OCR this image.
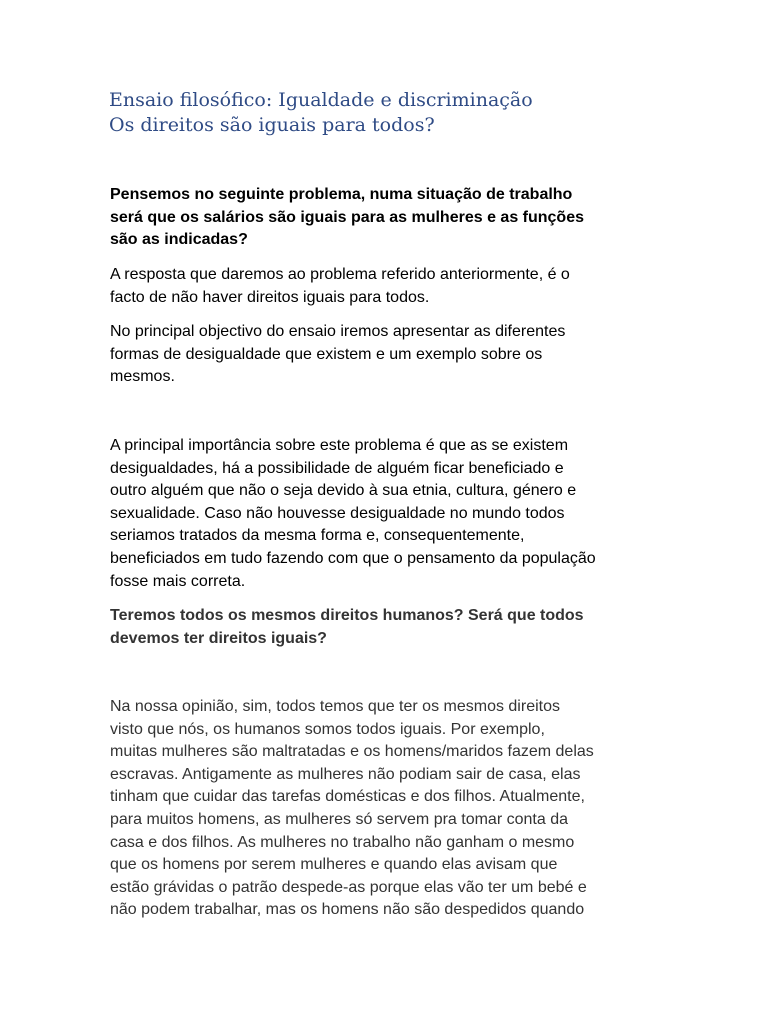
Ensaio filosófico: Igualdade e discriminação
Os direitos são iguais para todos?

Pensemos no seguinte problema, numa situação de trabalho
será que os salários são iguais para as mulheres e as funções
são as indicadas?

A resposta que daremos ao problema referido anteriormente, é o
facto de não haver direitos iguais para todos.

No principal objectivo do ensaio iremos apresentar as diferentes
formas de desigualdade que existem e um exemplo sobre os
mesmos.

A principal importância sobre este problema é que as se existem
desigualdades, há a possibilidade de alguém ficar beneficiado e
outro alguém que não o seja devido à sua etnia, cultura, género e
sexualidade. Caso não houvesse desigualdade no mundo todos
seriamos tratados da mesma forma e, consequentemente,
beneficiados em tudo fazendo com que o pensamento da população
fosse mais correta.

Teremos todos os mesmos direitos humanos? Será que todos
devemos ter direitos iguais?

Na nossa opinião, sim, todos temos que ter os mesmos direitos
visto que nós, os humanos somos todos iguais. Por exemplo,
muitas mulheres são maltratadas e os homens/maridos fazem delas
escravas. Antigamente as mulheres não podiam sair de casa, elas
tinham que cuidar das tarefas domésticas e dos filhos. Atualmente,
para muitos homens, as mulheres só servem pra tomar conta da
casa e dos filhos. As mulheres no trabalho não ganham o mesmo
que os homens por serem mulheres e quando elas avisam que
estão grávidas o patrão despede-as porque elas vão ter um bebé e
não podem trabalhar, mas os homens não são despedidos quando
